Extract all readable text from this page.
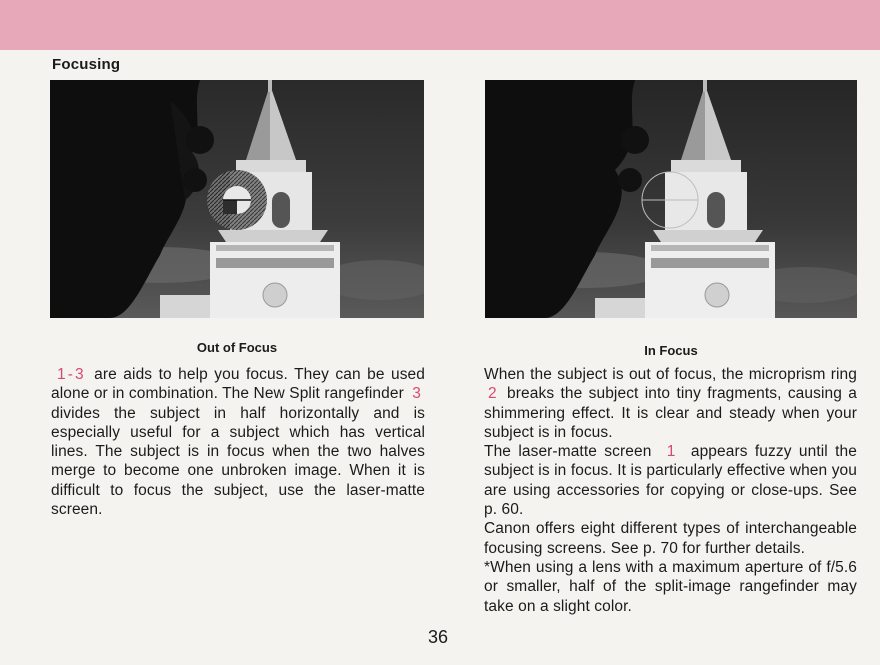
Focusing
Out of Focus	In Focus

1 - 3 are aids to help you focus. They can be used alone or in combination. The New Split rangefinder 3 divides the subject in half horizontally and is especially useful for a subject which has vertical lines. The subject is in focus when the two halves merge to become one unbroken image. When it is difficult to focus the subject, use the laser-matte screen.

When the subject is out of focus, the microprism ring 2 breaks the subject into tiny fragments, causing a shimmering effect. It is clear and steady when your subject is in focus.

The laser-matte screen 1 appears fuzzy until the subject is in focus. It is particularly effective when you are using accessories for copying or close-ups. See p. 60.

Canon offers eight different types of interchangeable focusing screens. See p. 70 for further details.

*When using a lens with a maximum aperture of f/5.6 or smaller, half of the split-image rangefinder may take on a slight color.

36
